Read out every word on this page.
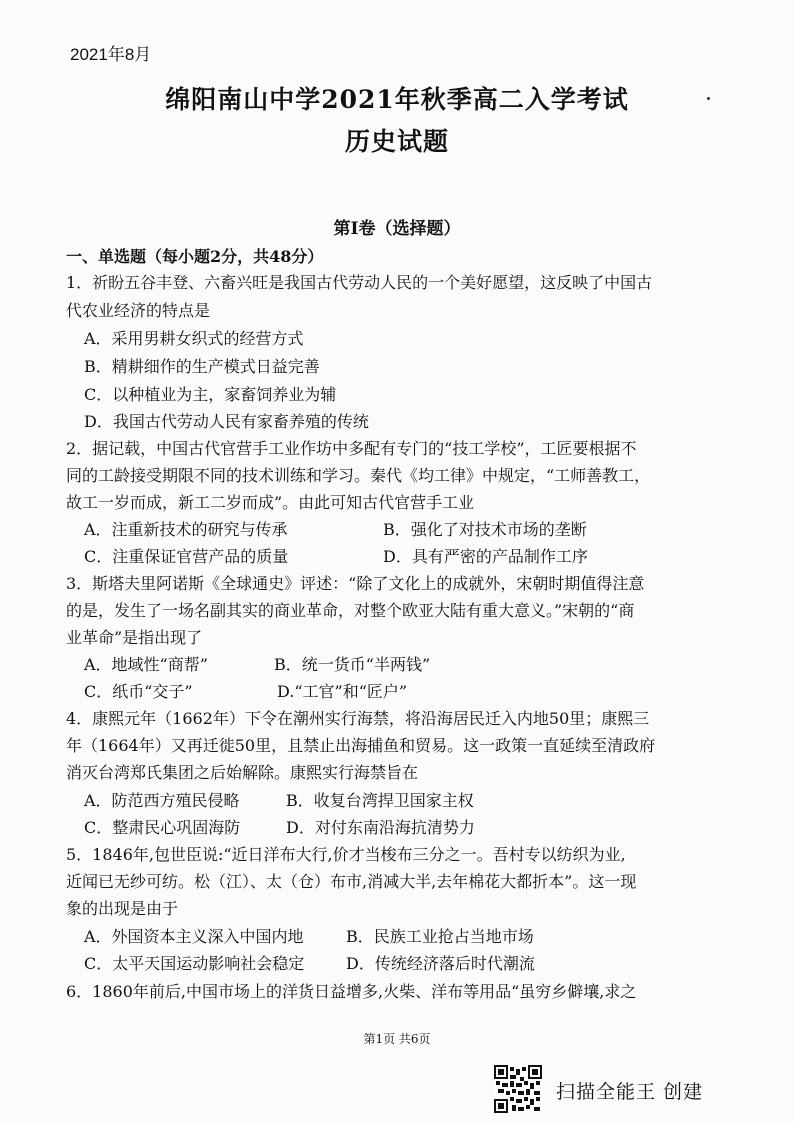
2021年8月
绵阳南山中学2021年秋季高二入学考试
历史试题
第Ⅰ卷（选择题）
一、单选题（每小题2分，共48分）
1．祈盼五谷丰登、六畜兴旺是我国古代劳动人民的一个美好愿望，这反映了中国古
代农业经济的特点是
A．采用男耕女织式的经营方式
B．精耕细作的生产模式日益完善
C．以种植业为主，家畜饲养业为辅
D．我国古代劳动人民有家畜养殖的传统
2．据记载，中国古代官营手工业作坊中多配有专门的“技工学校”，工匠要根据不
同的工龄接受期限不同的技术训练和学习。秦代《均工律》中规定，“工师善教工，
故工一岁而成，新工二岁而成”。由此可知古代官营手工业
A．注重新技术的研究与传承	B．强化了对技术市场的垄断
C．注重保证官营产品的质量	D．具有严密的产品制作工序
3．斯塔夫里阿诺斯《全球通史》评述：“除了文化上的成就外，宋朝时期值得注意
的是，发生了一场名副其实的商业革命，对整个欧亚大陆有重大意义。”宋朝的“商
业革命”是指出现了
A．地域性“商帮”	B．统一货币“半两钱”
C．纸币“交子”	D.“工官”和“匠户”
4．康熙元年（1662年）下令在潮州实行海禁，将沿海居民迁入内地50里；康熙三
年（1664年）又再迁徙50里，且禁止出海捕鱼和贸易。这一政策一直延续至清政府
消灭台湾郑氏集团之后始解除。康熙实行海禁旨在
A．防范西方殖民侵略	B．收复台湾捍卫国家主权
C．整肃民心巩固海防	D．对付东南沿海抗清势力
5．1846年,包世臣说:“近日洋布大行,价才当梭布三分之一。吾村专以纺织为业,
近闻已无纱可纺。松（江）、太（仓）布市,消减大半,去年棉花大都折本”。这一现
象的出现是由于
A．外国资本主义深入中国内地	B．民族工业抢占当地市场
C．太平天国运动影响社会稳定	D．传统经济落后时代潮流
6．1860年前后,中国市场上的洋货日益增多,火柴、洋布等用品“虽穷乡僻壤,求之
第1页 共6页
扫描全能王 创建
